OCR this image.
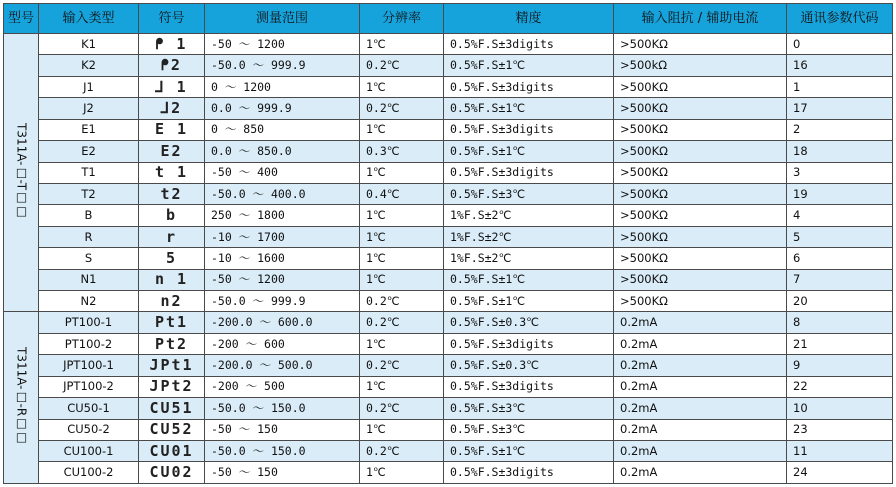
型号	输入类型	符号	测量范围	分辨率	精度	输入阻抗 / 辅助电流	通讯参数代码
T311A-□-T□□	K1	ᖰ 1	-50 ～ 1200	1℃	0.5%F.S±3digits	>500KΩ	0
	K2	ᖰ2	-50.0 ～ 999.9	0.2℃	0.5%F.S±1℃	>500kΩ	16
	J1	⅃ 1	0 ～ 1200	1℃	0.5%F.S±3digits	>500KΩ	1
	J2	⅃2	0.0 ～ 999.9	0.2℃	0.5%F.S±1℃	>500KΩ	17
	E1	E 1	0 ～ 850	1℃	0.5%F.S±3digits	>500KΩ	2
	E2	E2	0.0 ～ 850.0	0.3℃	0.5%F.S±1℃	>500KΩ	18
	T1	t 1	-50 ～ 400	1℃	0.5%F.S±3digits	>500KΩ	3
	T2	t2	-50.0 ～ 400.0	0.4℃	0.5%F.S±3℃	>500KΩ	19
	B	b	250 ～ 1800	1℃	1%F.S±2℃	>500KΩ	4
	R	r	-10 ～ 1700	1℃	1%F.S±2℃	>500KΩ	5
	S	5	-10 ～ 1600	1℃	1%F.S±2℃	>500KΩ	6
	N1	n 1	-50 ～ 1200	1℃	0.5%F.S±1℃	>500KΩ	7
	N2	n2	-50.0 ～ 999.9	0.2℃	0.5%F.S±1℃	>500KΩ	20
T311A-□-R□□	PT100-1	Pt1	-200.0 ～ 600.0	0.2℃	0.5%F.S±0.3℃	0.2mA	8
	PT100-2	Pt2	-200 ～ 600	1℃	0.5%F.S±3digits	0.2mA	21
	JPT100-1	JPt1	-200.0 ～ 500.0	0.2℃	0.5%F.S±0.3℃	0.2mA	9
	JPT100-2	JPt2	-200 ～ 500	1℃	0.5%F.S±3digits	0.2mA	22
	CU50-1	CU51	-50.0 ～ 150.0	0.2℃	0.5%F.S±3℃	0.2mA	10
	CU50-2	CU52	-50 ～ 150	1℃	0.5%F.S±3℃	0.2mA	23
	CU100-1	CU01	-50.0 ～ 150.0	0.2℃	0.5%F.S±1℃	0.2mA	11
	CU100-2	CU02	-50 ～ 150	1℃	0.5%F.S±3digits	0.2mA	24
